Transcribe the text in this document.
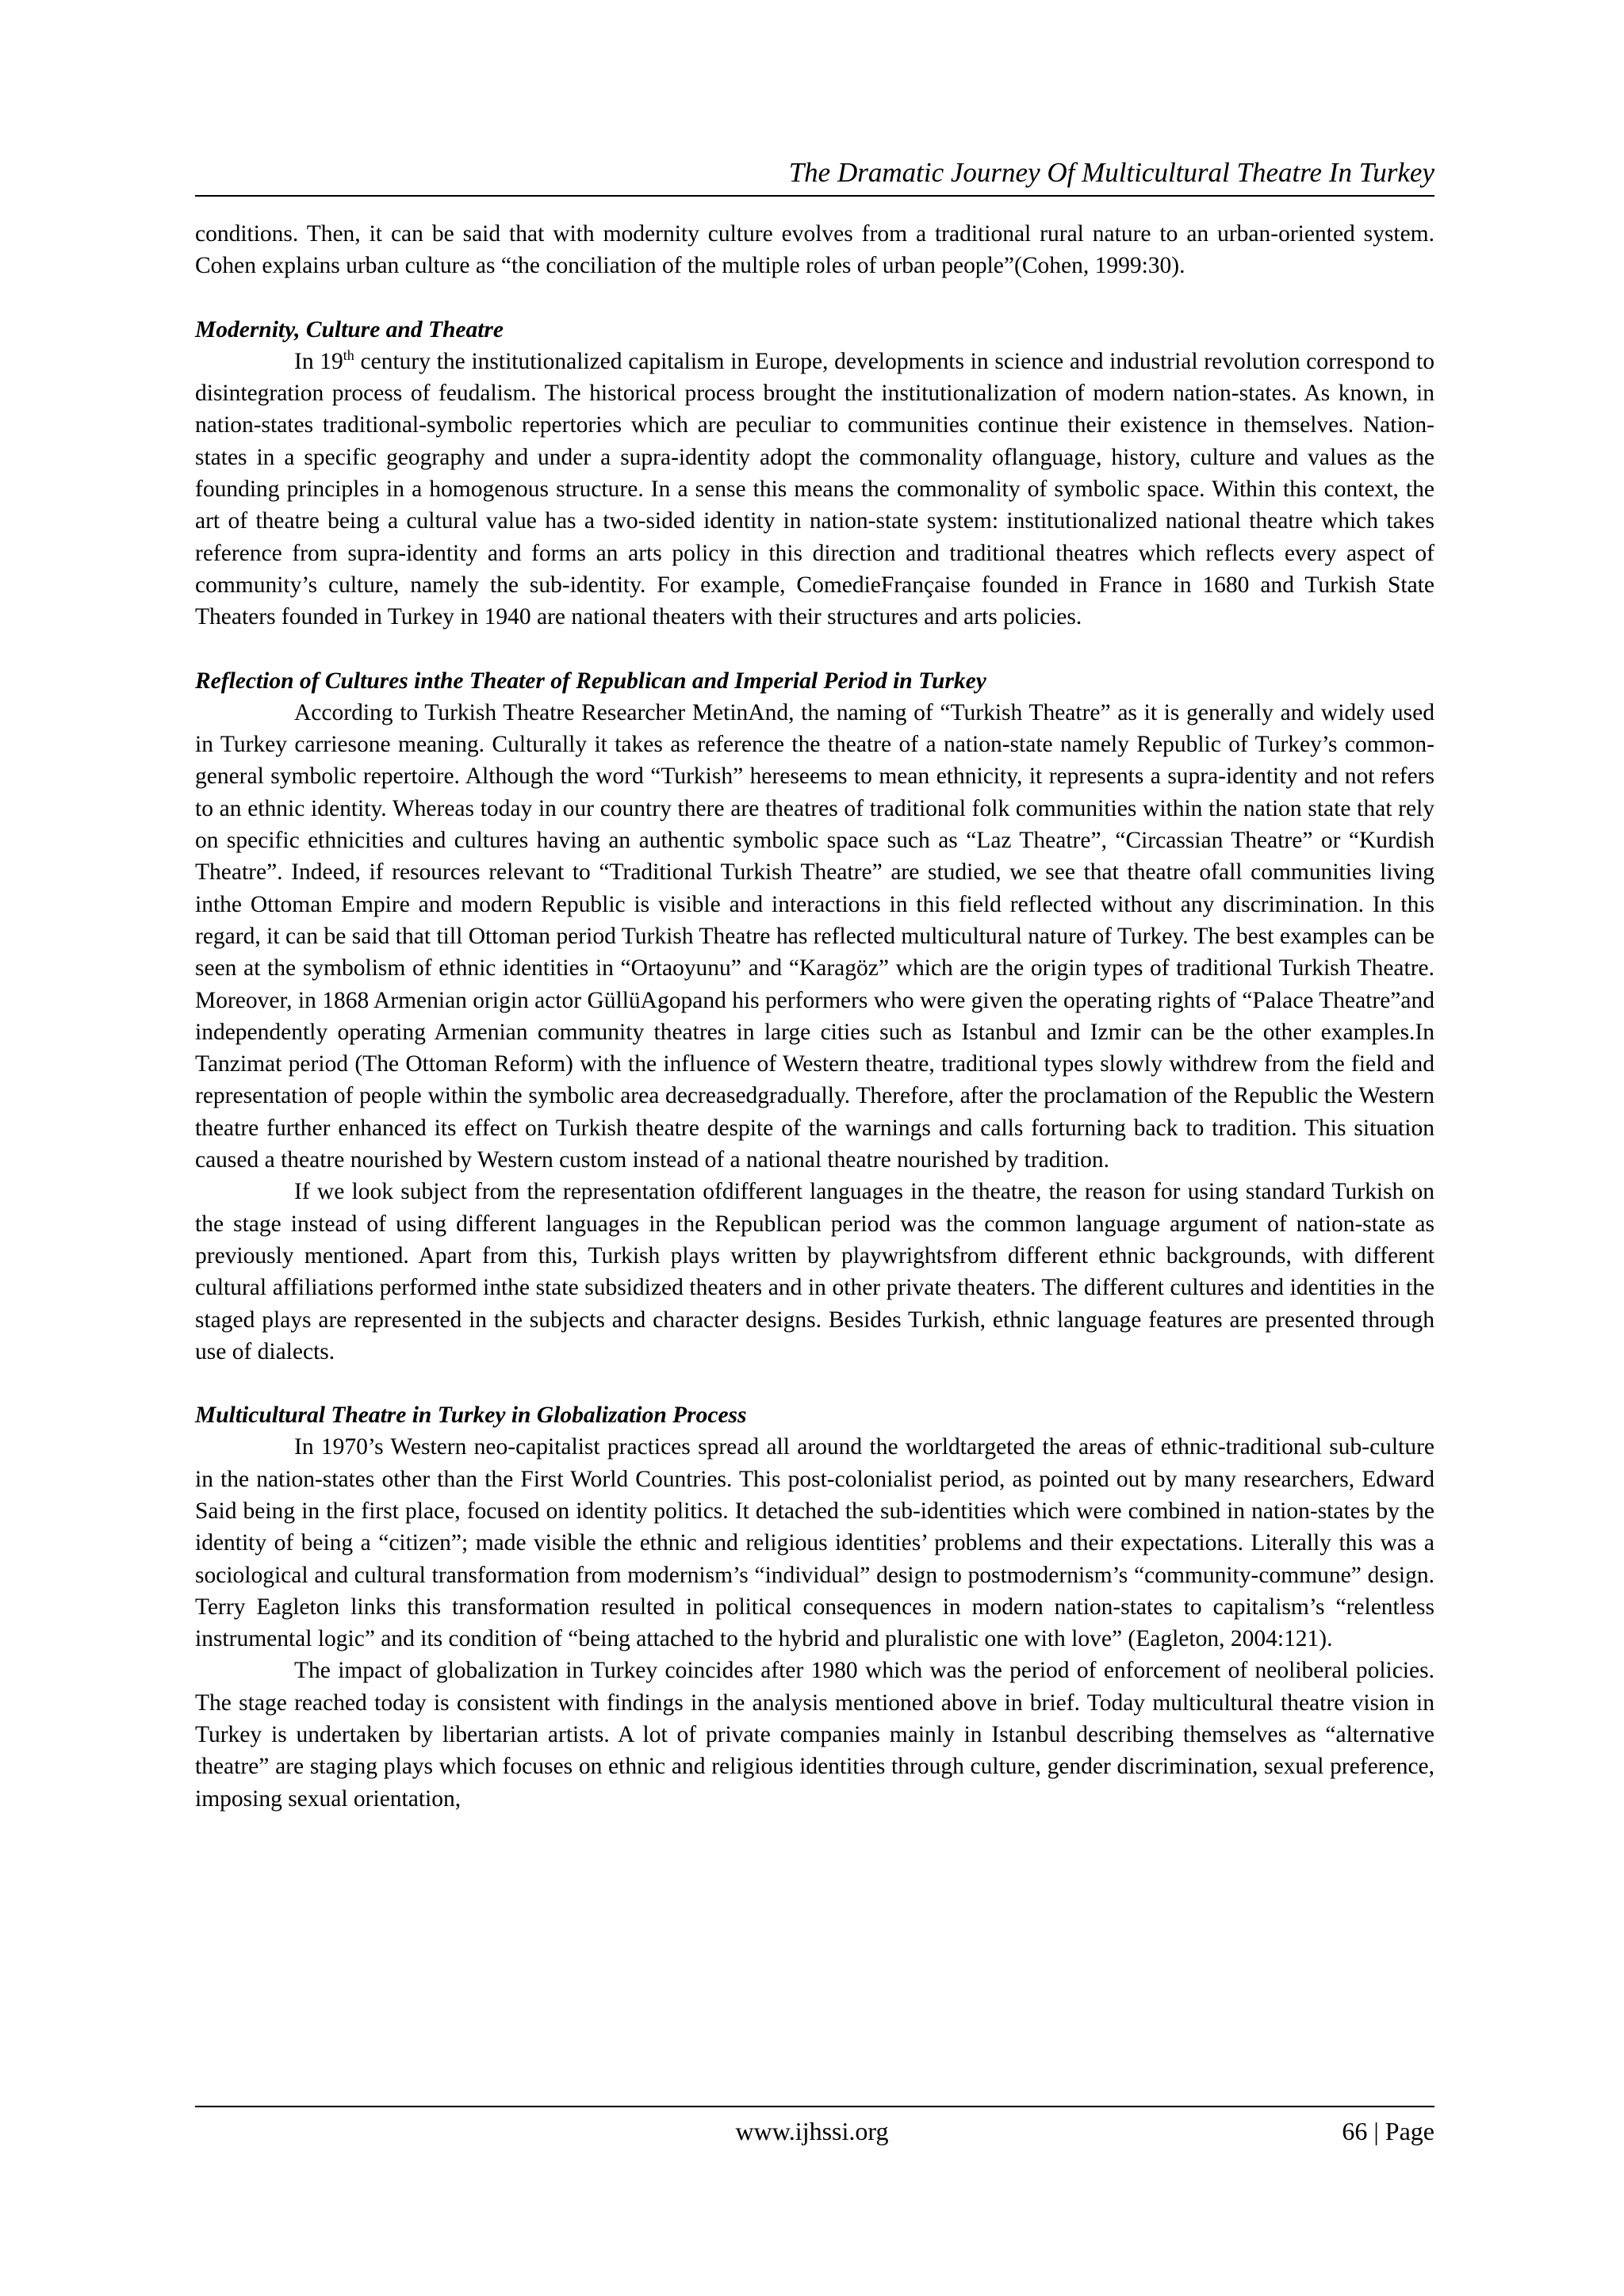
The Dramatic Journey Of Multicultural Theatre In Turkey

conditions. Then, it can be said that with modernity culture evolves from a traditional rural nature to an urban-oriented system. Cohen explains urban culture as “the conciliation of the multiple roles of urban people”(Cohen, 1999:30).

Modernity, Culture and Theatre

In 19th century the institutionalized capitalism in Europe, developments in science and industrial revolution correspond to disintegration process of feudalism. The historical process brought the institutionalization of modern nation-states. As known, in nation-states traditional-symbolic repertories which are peculiar to communities continue their existence in themselves. Nation-states in a specific geography and under a supra-identity adopt the commonality oflanguage, history, culture and values as the founding principles in a homogenous structure. In a sense this means the commonality of symbolic space. Within this context, the art of theatre being a cultural value has a two-sided identity in nation-state system: institutionalized national theatre which takes reference from supra-identity and forms an arts policy in this direction and traditional theatres which reflects every aspect of community’s culture, namely the sub-identity. For example, ComedieFrançaise founded in France in 1680 and Turkish State Theaters founded in Turkey in 1940 are national theaters with their structures and arts policies.

Reflection of Cultures inthe Theater of Republican and Imperial Period in Turkey

According to Turkish Theatre Researcher MetinAnd, the naming of “Turkish Theatre” as it is generally and widely used in Turkey carriesone meaning. Culturally it takes as reference the theatre of a nation-state namely Republic of Turkey’s common-general symbolic repertoire. Although the word “Turkish” hereseems to mean ethnicity, it represents a supra-identity and not refers to an ethnic identity. Whereas today in our country there are theatres of traditional folk communities within the nation state that rely on specific ethnicities and cultures having an authentic symbolic space such as “Laz Theatre”, “Circassian Theatre” or “Kurdish Theatre”. Indeed, if resources relevant to “Traditional Turkish Theatre” are studied, we see that theatre ofall communities living inthe Ottoman Empire and modern Republic is visible and interactions in this field reflected without any discrimination. In this regard, it can be said that till Ottoman period Turkish Theatre has reflected multicultural nature of Turkey. The best examples can be seen at the symbolism of ethnic identities in “Ortaoyunu” and “Karagöz” which are the origin types of traditional Turkish Theatre. Moreover, in 1868 Armenian origin actor GüllüAgopand his performers who were given the operating rights of “Palace Theatre”and independently operating Armenian community theatres in large cities such as Istanbul and Izmir can be the other examples.In Tanzimat period (The Ottoman Reform) with the influence of Western theatre, traditional types slowly withdrew from the field and representation of people within the symbolic area decreasedgradually. Therefore, after the proclamation of the Republic the Western theatre further enhanced its effect on Turkish theatre despite of the warnings and calls forturning back to tradition. This situation caused a theatre nourished by Western custom instead of a national theatre nourished by tradition.

If we look subject from the representation ofdifferent languages in the theatre, the reason for using standard Turkish on the stage instead of using different languages in the Republican period was the common language argument of nation-state as previously mentioned. Apart from this, Turkish plays written by playwrightsfrom different ethnic backgrounds, with different cultural affiliations performed inthe state subsidized theaters and in other private theaters. The different cultures and identities in the staged plays are represented in the subjects and character designs. Besides Turkish, ethnic language features are presented through use of dialects.

Multicultural Theatre in Turkey in Globalization Process

In 1970’s Western neo-capitalist practices spread all around the worldtargeted the areas of ethnic-traditional sub-culture in the nation-states other than the First World Countries. This post-colonialist period, as pointed out by many researchers, Edward Said being in the first place, focused on identity politics. It detached the sub-identities which were combined in nation-states by the identity of being a “citizen”; made visible the ethnic and religious identities’ problems and their expectations. Literally this was a sociological and cultural transformation from modernism’s “individual” design to postmodernism’s “community-commune” design. Terry Eagleton links this transformation resulted in political consequences in modern nation-states to capitalism’s “relentless instrumental logic” and its condition of “being attached to the hybrid and pluralistic one with love” (Eagleton, 2004:121).

The impact of globalization in Turkey coincides after 1980 which was the period of enforcement of neoliberal policies. The stage reached today is consistent with findings in the analysis mentioned above in brief. Today multicultural theatre vision in Turkey is undertaken by libertarian artists. A lot of private companies mainly in Istanbul describing themselves as “alternative theatre” are staging plays which focuses on ethnic and religious identities through culture, gender discrimination, sexual preference, imposing sexual orientation,

www.ijhssi.org	66 | Page
